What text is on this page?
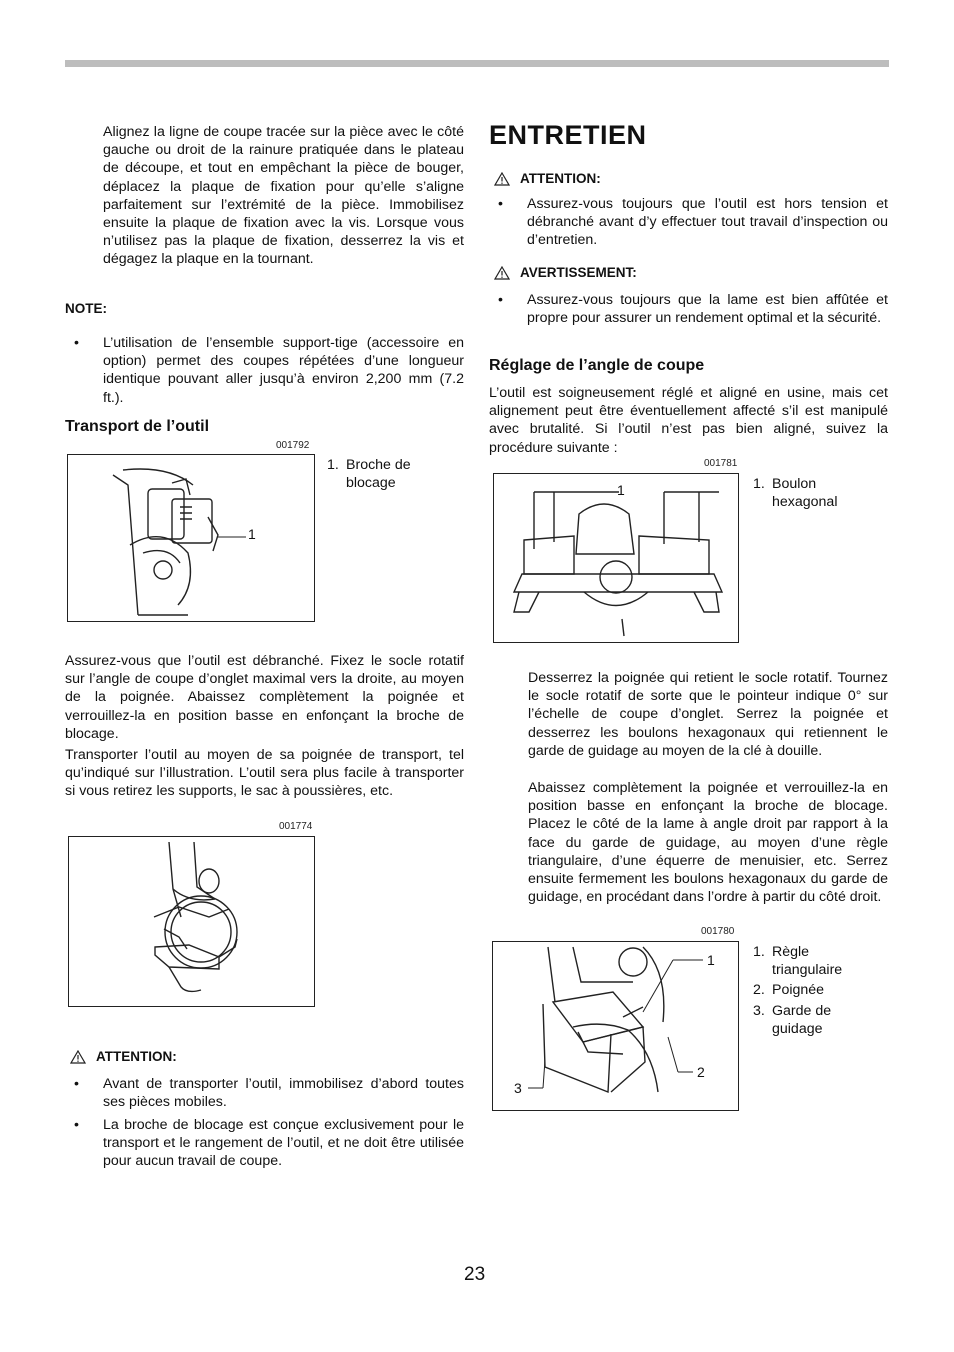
Alignez la ligne de coupe tracée sur la pièce avec le côté gauche ou droit de la rainure pratiquée dans le plateau de découpe, et tout en empêchant la pièce de bouger, déplacez la plaque de fixation pour qu’elle s’aligne parfaitement sur l’extrémité de la pièce. Immobilisez ensuite la plaque de fixation avec la vis. Lorsque vous n’utilisez pas la plaque de fixation, desserrez la vis et dégagez la plaque en la tournant.

NOTE:

• L’utilisation de l’ensemble support-tige (accessoire en option) permet des coupes répétées d’une longueur identique pouvant aller jusqu’à environ 2,200 mm (7.2 ft.).

Transport de l’outil

001792
1
1. Broche de blocage

Assurez-vous que l’outil est débranché. Fixez le socle rotatif sur l’angle de coupe d’onglet maximal vers la droite, au moyen de la poignée. Abaissez complètement la poignée et verrouillez-la en position basse en enfonçant la broche de blocage.

Transporter l’outil au moyen de sa poignée de transport, tel qu’indiqué sur l’illustration. L’outil sera plus facile à transporter si vous retirez les supports, le sac à poussières, etc.

001774
ATTENTION:
• Avant de transporter l’outil, immobilisez d’abord toutes ses pièces mobiles.
• La broche de blocage est conçue exclusivement pour le transport et le rangement de l’outil, et ne doit être utilisée pour aucun travail de coupe.

ENTRETIEN

ATTENTION:
• Assurez-vous toujours que l’outil est hors tension et débranché avant d’y effectuer tout travail d’inspection ou d’entretien.
AVERTISSEMENT:
• Assurez-vous toujours que la lame est bien affûtée et propre pour assurer un rendement optimal et la sécurité.

Réglage de l’angle de coupe

L’outil est soigneusement réglé et aligné en usine, mais cet alignement peut être éventuellement affecté s’il est manipulé avec brutalité. Si l’outil n’est pas bien aligné, suivez la procédure suivante :

001781
1	1. Boulon hexagonal

Desserrez la poignée qui retient le socle rotatif. Tournez le socle rotatif de sorte que le pointeur indique 0° sur l’échelle de coupe d’onglet. Serrez la poignée et desserrez les boulons hexagonaux qui retiennent le garde de guidage au moyen de la clé à douille.

Abaissez complètement la poignée et verrouillez-la en position basse en enfonçant la broche de blocage. Placez le côté de la lame à angle droit par rapport à la face du garde de guidage, au moyen d’une règle triangulaire, d’une équerre de menuisier, etc. Serrez ensuite fermement les boulons hexagonaux du garde de guidage, en procédant dans l’ordre à partir du côté droit.

001780
1
2
3
1. Règle triangulaire
2. Poignée
3. Garde de guidage
23
